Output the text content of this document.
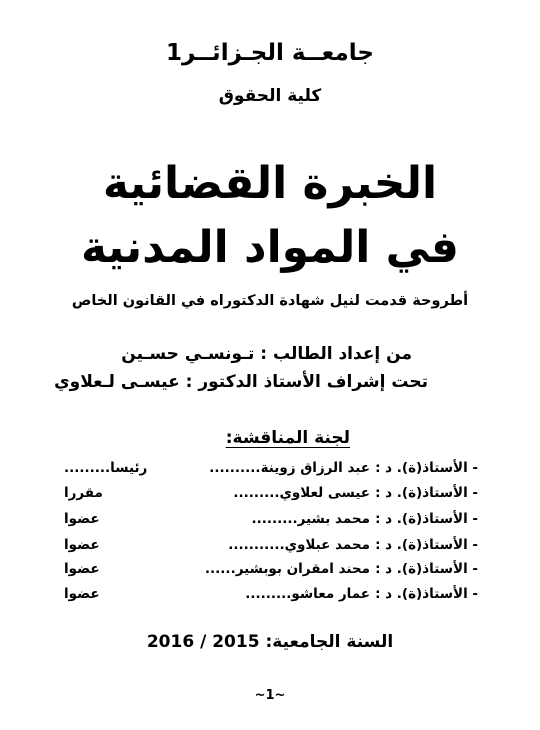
جامعــة الجـزائــر1
كلية الحقوق
الخبرة القضائية
في المواد المدنية
أطروحة قدمت لنيل شهادة الدكتوراه في القانون الخاص
من إعداد الطالب : تـونسـي حسـين
تحت إشراف الأستاذ الدكتور : عيسـى لـعلاوي
لجنة المناقشة:
- الأستاذ(ة). د :
عبد الرزاق زوينة..........
رئيسا.........
- الأستاذ(ة). د :
عيسى لعلاوي.........
مقررا
- الأستاذ(ة). د :
محمد بشير.........
عضوا
- الأستاذ(ة). د :
محمد عبلاوي...........
عضوا
- الأستاذ(ة). د :
محند امقران بوبشير......
عضوا
- الأستاذ(ة). د :
عمار معاشو.........
عضوا
السنة الجامعية: 2015 / 2016
~1~
